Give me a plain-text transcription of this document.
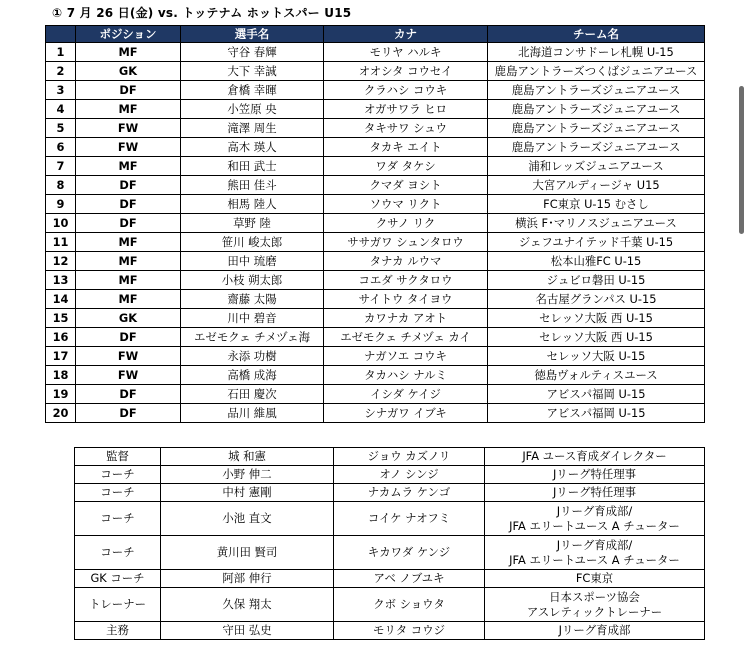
① 7 月 26 日(金) vs. トッテナム ホットスパー U15
	ポジション	選手名	カナ	チーム名
1	MF	守谷 春輝	モリヤ ハルキ	北海道コンサドーレ札幌 U-15
2	GK	大下 幸誠	オオシタ コウセイ	鹿島アントラーズつくばジュニアユース
3	DF	倉橋 幸暉	クラハシ コウキ	鹿島アントラーズジュニアユース
4	MF	小笠原 央	オガサワラ ヒロ	鹿島アントラーズジュニアユース
5	FW	滝澤 周生	タキサワ シュウ	鹿島アントラーズジュニアユース
6	FW	高木 瑛人	タカキ エイト	鹿島アントラーズジュニアユース
7	MF	和田 武士	ワダ タケシ	浦和レッズジュニアユース
8	DF	熊田 佳斗	クマダ ヨシト	大宮アルディージャ U15
9	DF	相馬 陸人	ソウマ リクト	FC東京 U-15 むさし
10	DF	草野 陸	クサノ リク	横浜 F･マリノスジュニアユース
11	MF	笹川 峻太郎	ササガワ シュンタロウ	ジェフユナイテッド千葉 U-15
12	MF	田中 琉磨	タナカ ルウマ	松本山雅FC U-15
13	MF	小枝 朔太郎	コエダ サクタロウ	ジュビロ磐田 U-15
14	MF	齋藤 太陽	サイトウ タイヨウ	名古屋グランパス U-15
15	GK	川中 碧音	カワナカ アオト	セレッソ大阪 西 U-15
16	DF	エゼモクェ チメヅェ海	エゼモクェ チメヅェ カイ	セレッソ大阪 西 U-15
17	FW	永添 功樹	ナガソエ コウキ	セレッソ大阪 U-15
18	FW	高橋 成海	タカハシ ナルミ	徳島ヴォルティスユース
19	DF	石田 慶次	イシダ ケイジ	アビスパ福岡 U-15
20	DF	品川 維風	シナガワ イブキ	アビスパ福岡 U-15
監督	城 和憲	ジョウ カズノリ	JFA ユース育成ダイレクター

コーチ	小野 伸二	オノ シンジ	Jリーグ特任理事

コーチ	中村 憲剛	ナカムラ ケンゴ	Jリーグ特任理事

コーチ	小池 直文	コイケ ナオフミ	Jリーグ育成部/
JFA エリートユース A チューター

コーチ	黄川田 賢司	キカワダ ケンジ	Jリーグ育成部/
JFA エリートユース A チューター

GK コーチ	阿部 伸行	アベ ノブユキ	FC東京

トレーナー	久保 翔太	クボ ショウタ	日本スポーツ協会
アスレティックトレーナー

主務	守田 弘史	モリタ コウジ	Jリーグ育成部
